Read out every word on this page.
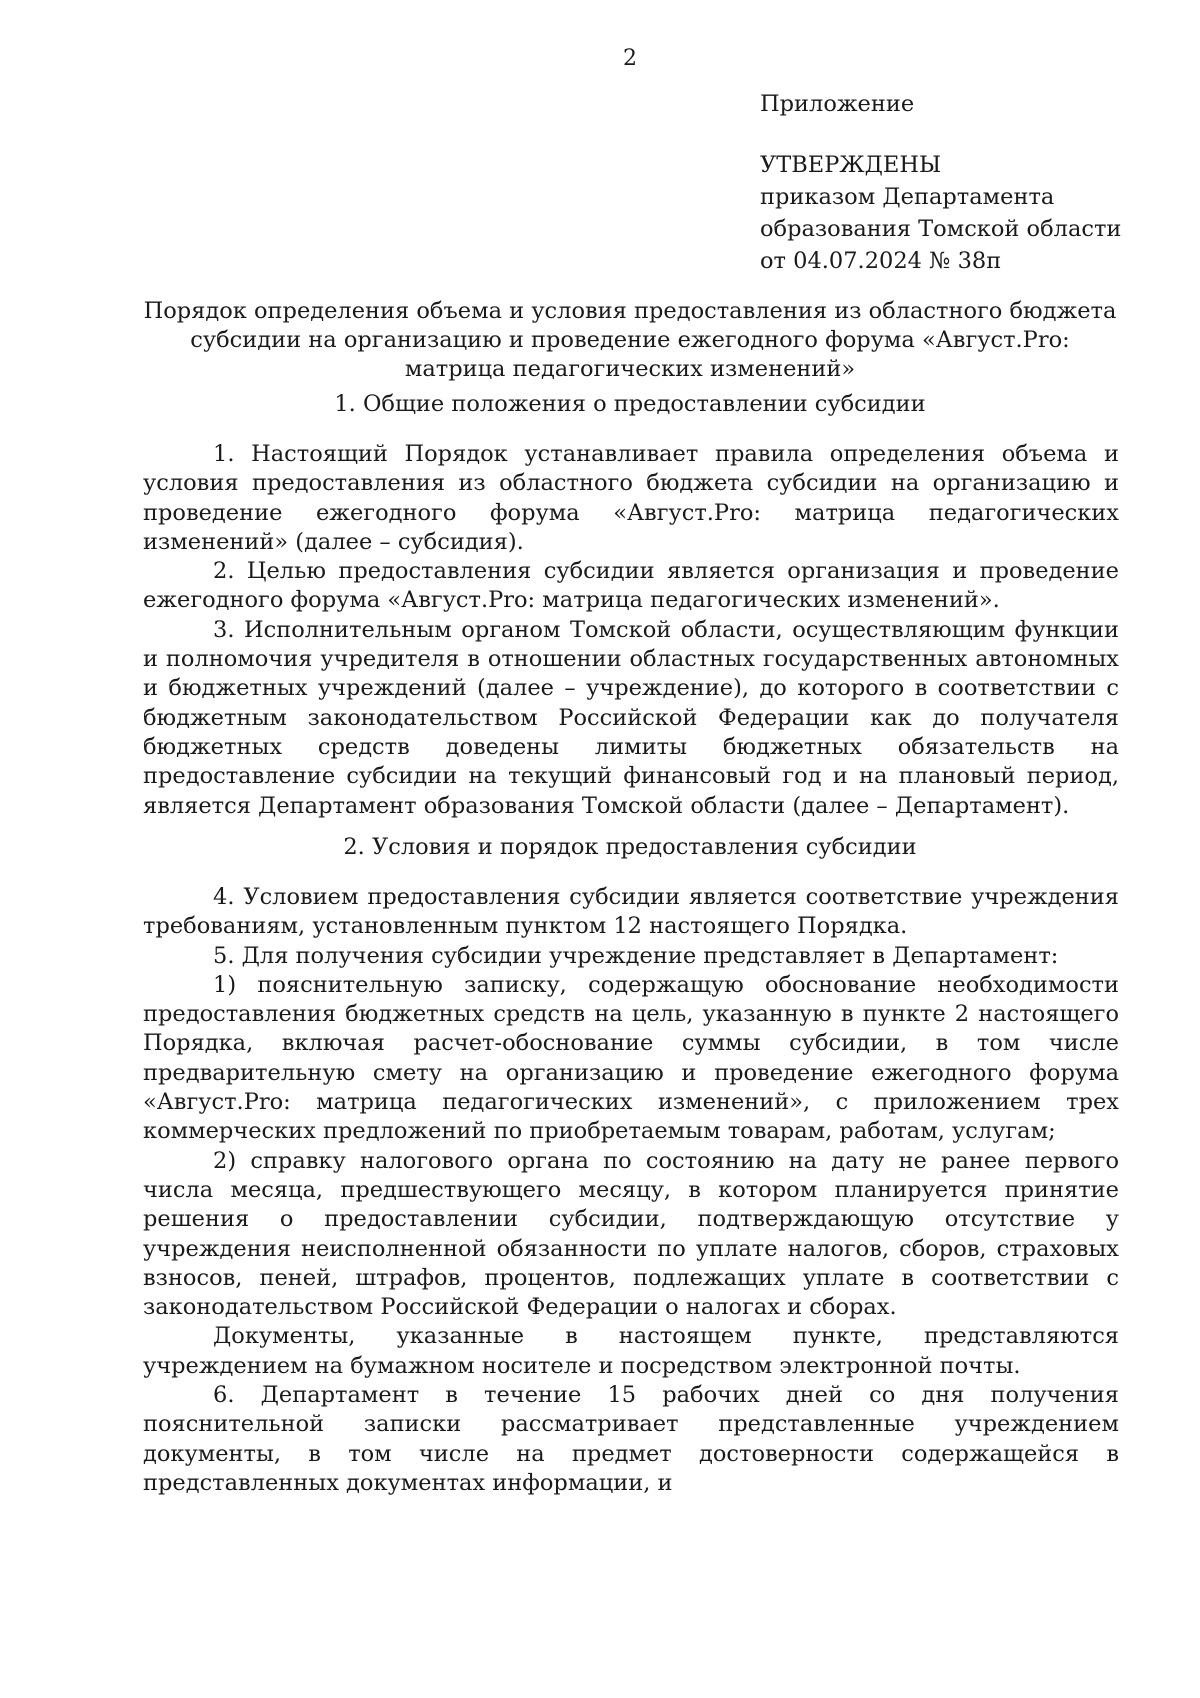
2
Приложение
УТВЕРЖДЕНЫ
приказом Департамента
образования Томской области
от 04.07.2024 № 38п
Порядок определения объема и условия предоставления из областного бюджета субсидии на организацию и проведение ежегодного форума «Август.Pro: матрица педагогических изменений»
1. Общие положения о предоставлении субсидии

1. Настоящий Порядок устанавливает правила определения объема и условия предоставления из областного бюджета субсидии на организацию и проведение ежегодного форума «Август.Pro: матрица педагогических изменений» (далее – субсидия).

2. Целью предоставления субсидии является организация и проведение ежегодного форума «Август.Pro: матрица педагогических изменений».

3. Исполнительным органом Томской области, осуществляющим функции и полномочия учредителя в отношении областных государственных автономных и бюджетных учреждений (далее – учреждение), до которого в соответствии с бюджетным законодательством Российской Федерации как до получателя бюджетных средств доведены лимиты бюджетных обязательств на предоставление субсидии на текущий финансовый год и на плановый период, является Департамент образования Томской области (далее – Департамент).

2. Условия и порядок предоставления субсидии

4. Условием предоставления субсидии является соответствие учреждения требованиям, установленным пунктом 12 настоящего Порядка.

5. Для получения субсидии учреждение представляет в Департамент:

1) пояснительную записку, содержащую обоснование необходимости предоставления бюджетных средств на цель, указанную в пункте 2 настоящего Порядка, включая расчет-обоснование суммы субсидии, в том числе предварительную смету на организацию и проведение ежегодного форума «Август.Pro: матрица педагогических изменений», с приложением трех коммерческих предложений по приобретаемым товарам, работам, услугам;

2) справку налогового органа по состоянию на дату не ранее первого числа месяца, предшествующего месяцу, в котором планируется принятие решения о предоставлении субсидии, подтверждающую отсутствие у учреждения неисполненной обязанности по уплате налогов, сборов, страховых взносов, пеней, штрафов, процентов, подлежащих уплате в соответствии с законодательством Российской Федерации о налогах и сборах.

Документы, указанные в настоящем пункте, представляются учреждением на бумажном носителе и посредством электронной почты.

6. Департамент в течение 15 рабочих дней со дня получения пояснительной записки рассматривает представленные учреждением документы, в том числе на предмет достоверности содержащейся в представленных документах информации, и
